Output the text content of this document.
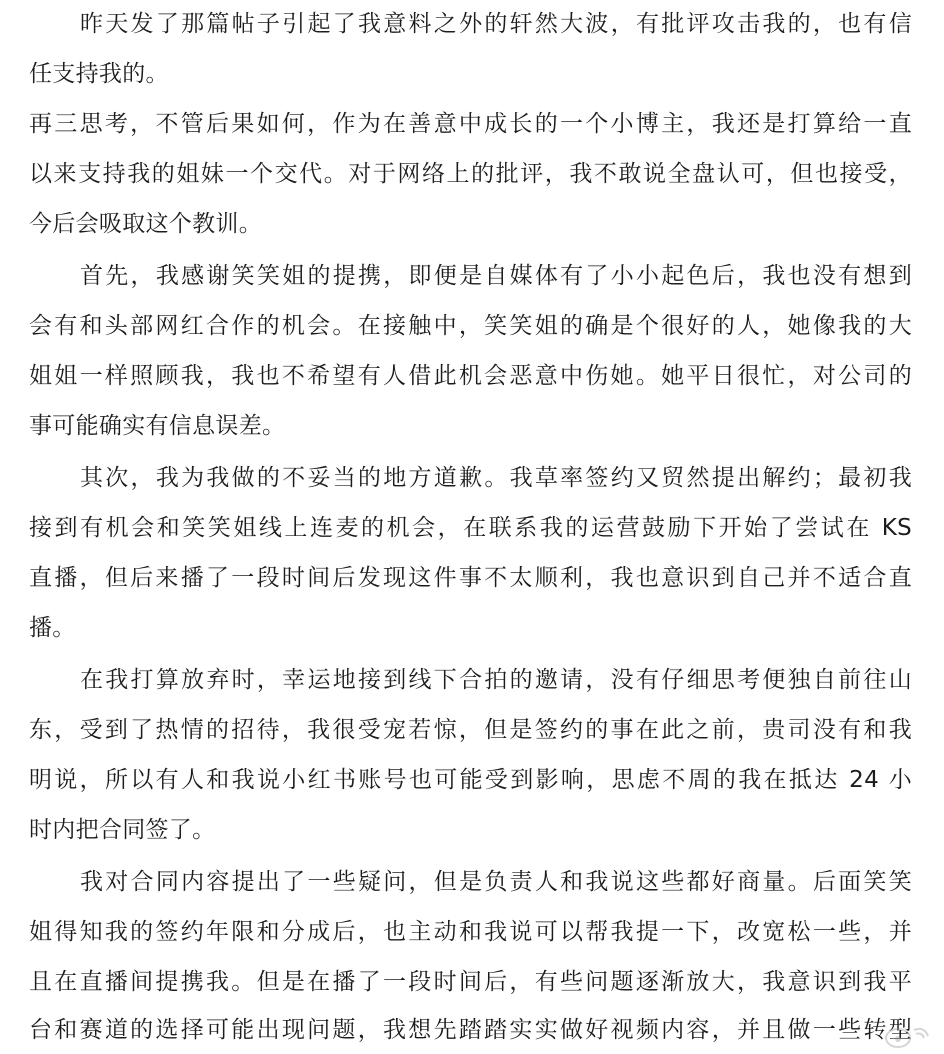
昨天发了那篇帖子引起了我意料之外的轩然大波，有批评攻击我的，也有信
任支持我的。
再三思考，不管后果如何，作为在善意中成长的一个小博主，我还是打算给一直
以来支持我的姐妹一个交代。对于网络上的批评，我不敢说全盘认可，但也接受，
今后会吸取这个教训。
首先，我感谢笑笑姐的提携，即便是自媒体有了小小起色后，我也没有想到
会有和头部网红合作的机会。在接触中，笑笑姐的确是个很好的人，她像我的大
姐姐一样照顾我，我也不希望有人借此机会恶意中伤她。她平日很忙，对公司的
事可能确实有信息误差。
其次，我为我做的不妥当的地方道歉。我草率签约又贸然提出解约；最初我
接到有机会和笑笑姐线上连麦的机会，在联系我的运营鼓励下开始了尝试在 KS
直播，但后来播了一段时间后发现这件事不太顺利，我也意识到自己并不适合直
播。
在我打算放弃时，幸运地接到线下合拍的邀请，没有仔细思考便独自前往山
东，受到了热情的招待，我很受宠若惊，但是签约的事在此之前，贵司没有和我
明说，所以有人和我说小红书账号也可能受到影响，思虑不周的我在抵达 24 小
时内把合同签了。
我对合同内容提出了一些疑问，但是负责人和我说这些都好商量。后面笑笑
姐得知我的签约年限和分成后，也主动和我说可以帮我提一下，改宽松一些，并
且在直播间提携我。但是在播了一段时间后，有些问题逐渐放大，我意识到我平
台和赛道的选择可能出现问题，我想先踏踏实实做好视频内容，并且做一些转型
